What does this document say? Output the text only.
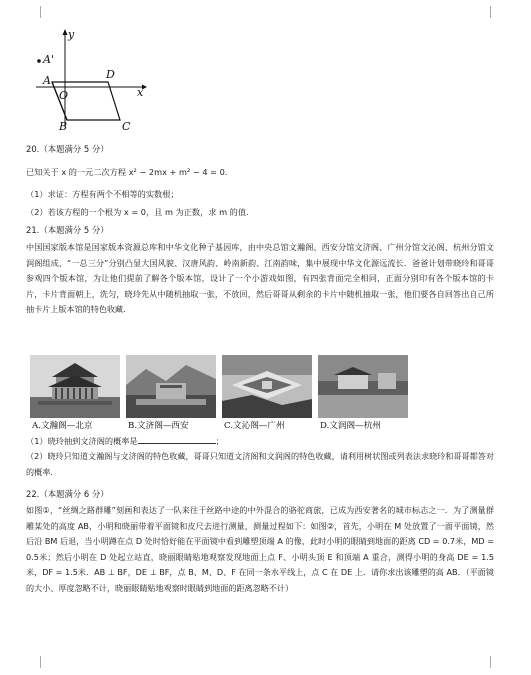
y
x
A'
A	D
O
B	C
20.（本题满分 5 分）
已知关于 x 的一元二次方程 x² − 2mx + m² − 4 = 0.
（1）求证：方程有两个不相等的实数根；
（2）若该方程的一个根为 x = 0，且 m 为正数，求 m 的值.
21.（本题满分 5 分）
中国国家版本馆是国家版本资源总库和中华文化种子基因库，由中央总馆文瀚阁、西安分馆文济阁、广州分馆文沁阁、杭州分馆文润阁组成，“一总三分”分别凸显大国风貌、汉唐风韵、岭南新韵、江南韵味，集中展现中华文化源远流长．爸爸计划带晓玲和哥哥参观四个版本馆，为让他们提前了解各个版本馆，设计了一个小游戏如图，有四张背面完全相同，正面分别印有各个版本馆的卡片，卡片背面朝上，洗匀，晓玲先从中随机抽取一张，不放回，然后哥哥从剩余的卡片中随机抽取一张，他们要各自回答出自己所抽卡片上版本馆的特色收藏．
A.文瀚阁—北京	B.文济阁—西安	C.文沁阁—广州	D.文润阁—杭州
（1）晓玲抽到文济阁的概率是	；
（2）晓玲只知道文瀚阁与文济阁的特色收藏，哥哥只知道文济阁和文润阁的特色收藏，请利用树状图或列表法求晓玲和哥哥都答对的概率．
22.（本题满分 6 分）
如图①，“丝绸之路群雕”刻画和表达了一队来往于丝路中途的中外混合的骆驼商旅，已成为西安著名的城市标志之一．为了测量群雕某处的高度 AB，小明和晓丽带着平面镜和皮尺去进行测量，测量过程如下：如图②，首先，小明在 M 处放置了一面平面镜，然后沿 BM 后退，当小明蹲在点 D 处时恰好能在平面镜中看到雕塑顶端 A 的像，此时小明的眼睛到地面的距离 CD = 0.7米，MD = 0.5米；然后小明在 D 处起立站直，晓丽眼睛贴地观察发现地面上点 F、小明头顶 E 和顶端 A 重合，测得小明的身高 DE = 1.5米，DF = 1.5米．AB ⊥ BF，DE ⊥ BF，点 B、M、D、F 在同一条水平线上，点 C 在 DE 上．请你求出该雕塑的高 AB．（平面镜的大小、厚度忽略不计，晓丽眼睛贴地观察时眼睛到地面的距离忽略不计）
